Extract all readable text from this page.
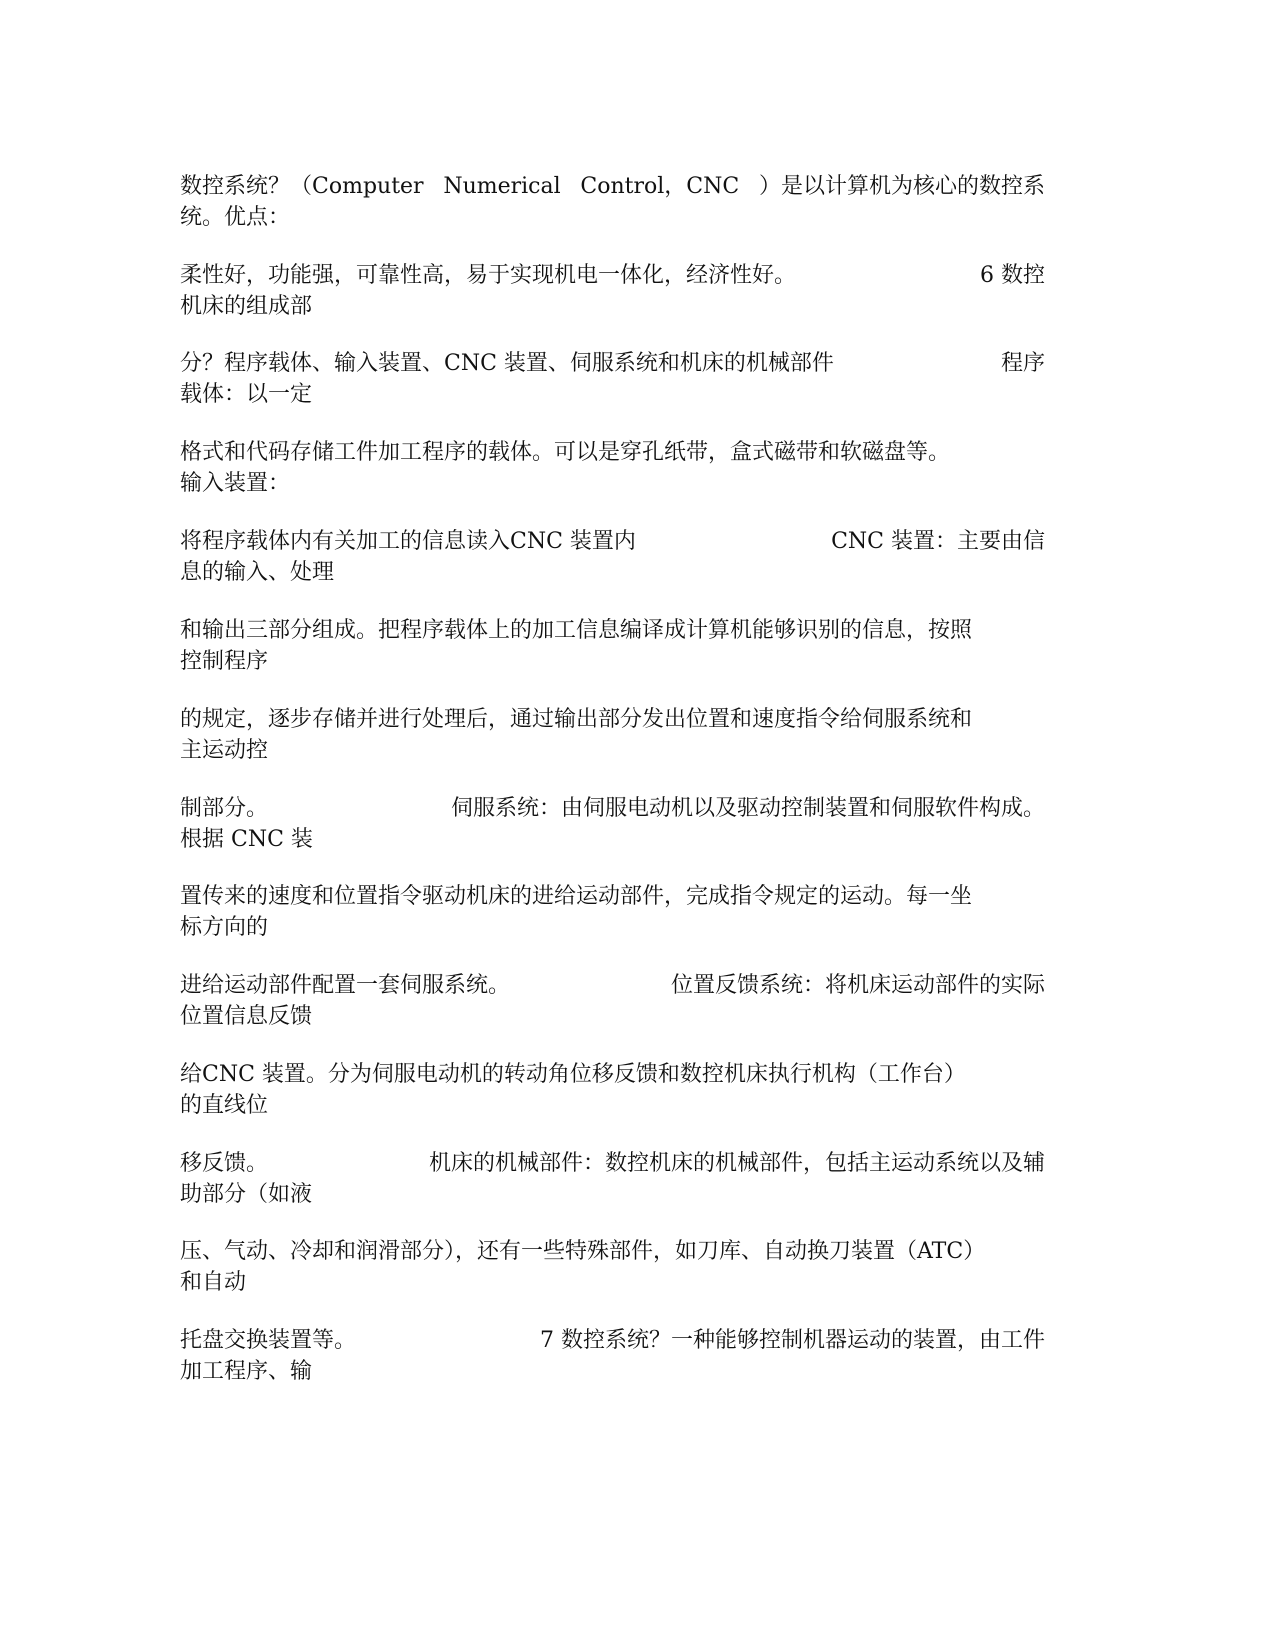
数控系统？（Computer Numerical Control，CNC ）是以计算机为核心的数控系
统。优点：
柔性好，功能强，可靠性高，易于实现机电一体化，经济性好。	6 数控
机床的组成部
分？程序载体、输入装置、CNC 装置、伺服系统和机床的机械部件	程序
载体：以一定
格式和代码存储工件加工程序的载体。可以是穿孔纸带，盒式磁带和软磁盘等。
输入装置：
将程序载体内有关加工的信息读入CNC 装置内	CNC 装置：主要由信
息的输入、处理
和输出三部分组成。把程序载体上的加工信息编译成计算机能够识别的信息，按照
控制程序
的规定，逐步存储并进行处理后，通过输出部分发出位置和速度指令给伺服系统和
主运动控
制部分。	伺服系统：由伺服电动机以及驱动控制装置和伺服软件构成。
根据 CNC 装
置传来的速度和位置指令驱动机床的进给运动部件，完成指令规定的运动。每一坐
标方向的
进给运动部件配置一套伺服系统。	位置反馈系统：将机床运动部件的实际
位置信息反馈
给CNC 装置。分为伺服电动机的转动角位移反馈和数控机床执行机构（工作台）
的直线位
移反馈。	机床的机械部件：数控机床的机械部件，包括主运动系统以及辅
助部分（如液
压、气动、冷却和润滑部分），还有一些特殊部件，如刀库、自动换刀装置（ATC）
和自动
托盘交换装置等。	7 数控系统？一种能够控制机器运动的装置，由工件
加工程序、输
